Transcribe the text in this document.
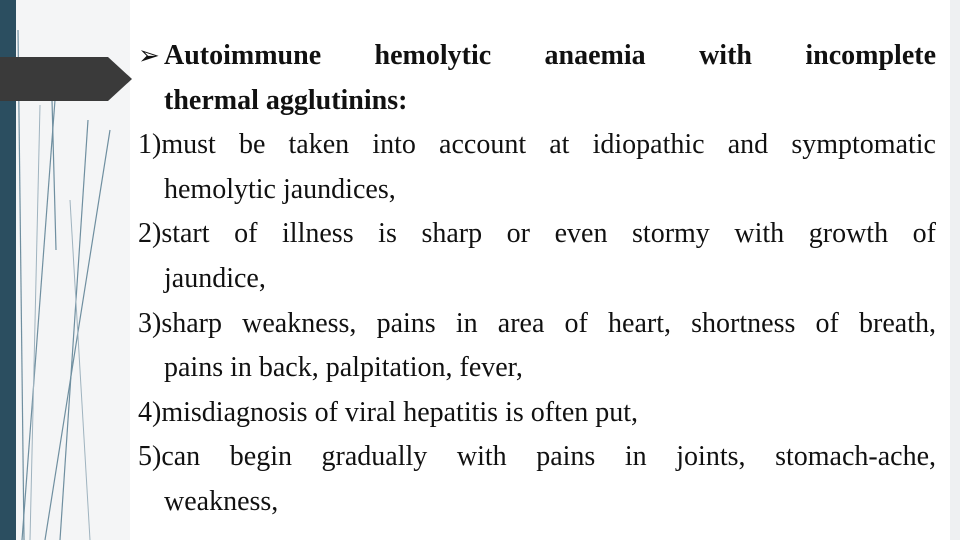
➢ Autoimmune hemolytic anaemia with incomplete
thermal agglutinins:
1)must be taken into account at idiopathic and symptomatic
hemolytic jaundices,
2)start of illness is sharp or even stormy with growth of
jaundice,
3)sharp weakness, pains in area of heart, shortness of breath,
pains in back, palpitation, fever,
4)misdiagnosis of viral hepatitis is often put,
5)can begin gradually with pains in joints, stomach-ache,
weakness,
